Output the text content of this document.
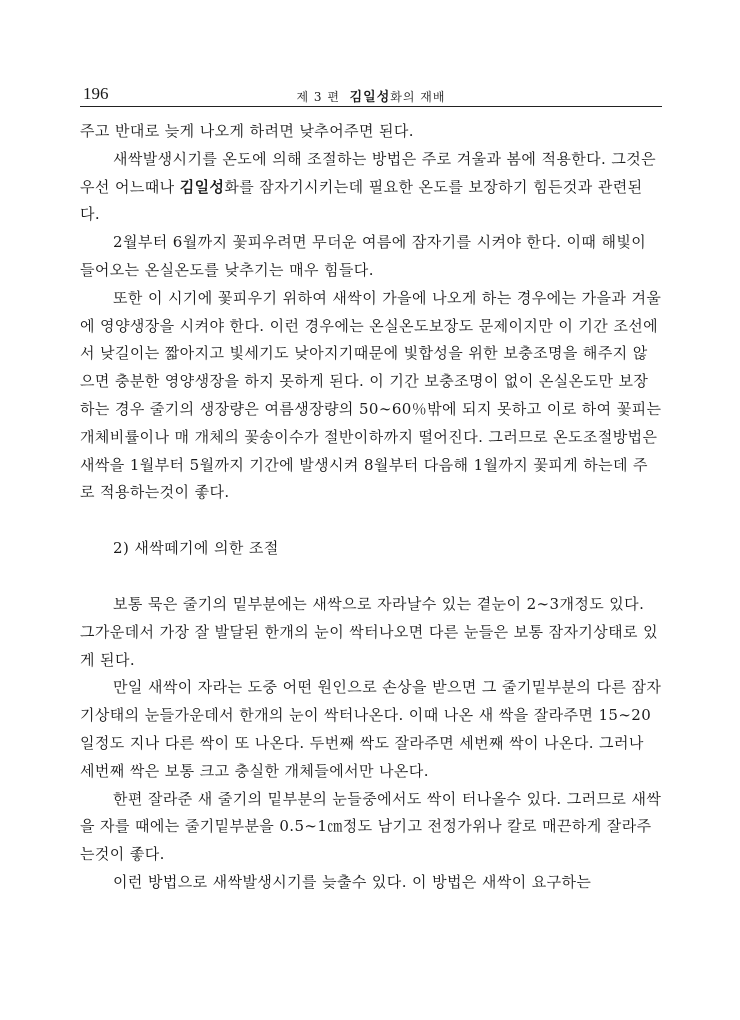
196	제 3 편 김일성화의 재배

주고 반대로 늦게 나오게 하려면 낮추어주면 된다.

새싹발생시기를 온도에 의해 조절하는 방법은 주로 겨울과 봄에 적용한다. 그것은 우선 어느때나 김일성화를 잠자기시키는데 필요한 온도를 보장하기 힘든것과 관련된다.

2월부터 6월까지 꽃피우려면 무더운 여름에 잠자기를 시켜야 한다. 이때 해빛이 들어오는 온실온도를 낮추기는 매우 힘들다.

또한 이 시기에 꽃피우기 위하여 새싹이 가을에 나오게 하는 경우에는 가을과 겨울에 영양생장을 시켜야 한다. 이런 경우에는 온실온도보장도 문제이지만 이 기간 조선에서 낮길이는 짧아지고 빛세기도 낮아지기때문에 빛합성을 위한 보충조명을 해주지 않으면 충분한 영양생장을 하지 못하게 된다. 이 기간 보충조명이 없이 온실온도만 보장하는 경우 줄기의 생장량은 여름생장량의 50∼60％밖에 되지 못하고 이로 하여 꽃피는 개체비률이나 매 개체의 꽃송이수가 절반이하까지 떨어진다. 그러므로 온도조절방법은 새싹을 1월부터 5월까지 기간에 발생시켜 8월부터 다음해 1월까지 꽃피게 하는데 주로 적용하는것이 좋다.

2) 새싹떼기에 의한 조절

보통 묵은 줄기의 밑부분에는 새싹으로 자라날수 있는 곁눈이 2∼3개정도 있다. 그가운데서 가장 잘 발달된 한개의 눈이 싹터나오면 다른 눈들은 보통 잠자기상태로 있게 된다.

만일 새싹이 자라는 도중 어떤 원인으로 손상을 받으면 그 줄기밑부분의 다른 잠자기상태의 눈들가운데서 한개의 눈이 싹터나온다. 이때 나온 새 싹을 잘라주면 15∼20일정도 지나 다른 싹이 또 나온다. 두번째 싹도 잘라주면 세번째 싹이 나온다. 그러나 세번째 싹은 보통 크고 충실한 개체들에서만 나온다.

한편 잘라준 새 줄기의 밑부분의 눈들중에서도 싹이 터나올수 있다. 그러므로 새싹을 자를 때에는 줄기밑부분을 0.5∼1㎝정도 남기고 전정가위나 칼로 매끈하게 잘라주는것이 좋다.

이런 방법으로 새싹발생시기를 늦출수 있다. 이 방법은 새싹이 요구하는
